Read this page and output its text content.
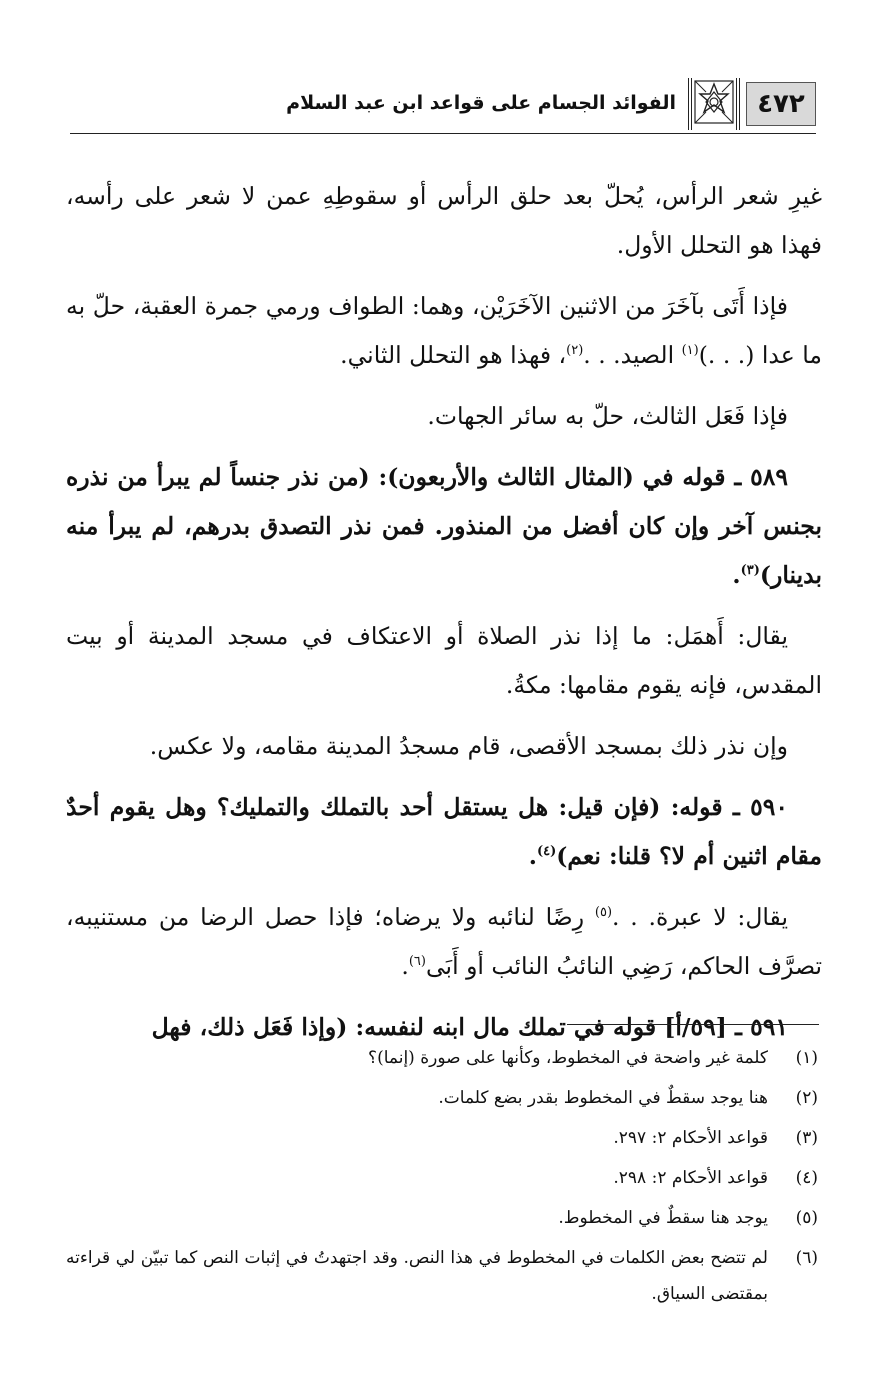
٤٧٢
الفوائد الجسام على قواعد ابن عبد السلام

غيرِ شعر الرأس، يُحلّ بعد حلق الرأس أو سقوطِهِ عمن لا شعر على رأسه، فهذا هو التحلل الأول.

فإذا أَتَى بآخَرَ من الاثنين الآخَرَيْن، وهما: الطواف ورمي جمرة العقبة، حلّ به ما عدا (. . .)$^{(١)}$ الصيد. . .$^{(٢)}$، فهذا هو التحلل الثاني.

فإذا فَعَل الثالث، حلّ به سائر الجهات.

٥٨٩ ـ قوله في (المثال الثالث والأربعون): (من نذر جنساً لم يبرأ من نذره بجنس آخر وإن كان أفضل من المنذور. فمن نذر التصدق بدرهم، لم يبرأ منه بدينار)$^{(٣)}$.

يقال: أَهمَل: ما إذا نذر الصلاة أو الاعتكاف في مسجد المدينة أو بيت المقدس، فإنه يقوم مقامها: مكةُ.

وإن نذر ذلك بمسجد الأقصى، قام مسجدُ المدينة مقامه، ولا عكس.

٥٩٠ ـ قوله: (فإن قيل: هل يستقل أحد بالتملك والتمليك؟ وهل يقوم أحدٌ مقام اثنين أم لا؟ قلنا: نعم)$^{(٤)}$.

يقال: لا عبرة. . .$^{(٥)}$ رِضًا لنائبه ولا يرضاه؛ فإذا حصل الرضا من مستنيبه، تصرَّف الحاكم، رَضِي النائبُ النائب أو أَبَى$^{(٦)}$.

٥٩١ ـ [٥٩/أ] قوله في تملك مال ابنه لنفسه: (وإذا فَعَل ذلك، فهل

(١)
كلمة غير واضحة في المخطوط، وكأنها على صورة (إنما)؟
(٢)
هنا يوجد سقطٌ في المخطوط بقدر بضع كلمات.
(٣)
قواعد الأحكام ٢: ٢٩٧.
(٤)
قواعد الأحكام ٢: ٢٩٨.
(٥)
يوجد هنا سقطٌ في المخطوط.
(٦)
لم تتضح بعض الكلمات في المخطوط في هذا النص. وقد اجتهدتُ في إثبات النص كما تبيّن لي قراءته بمقتضى السياق.
